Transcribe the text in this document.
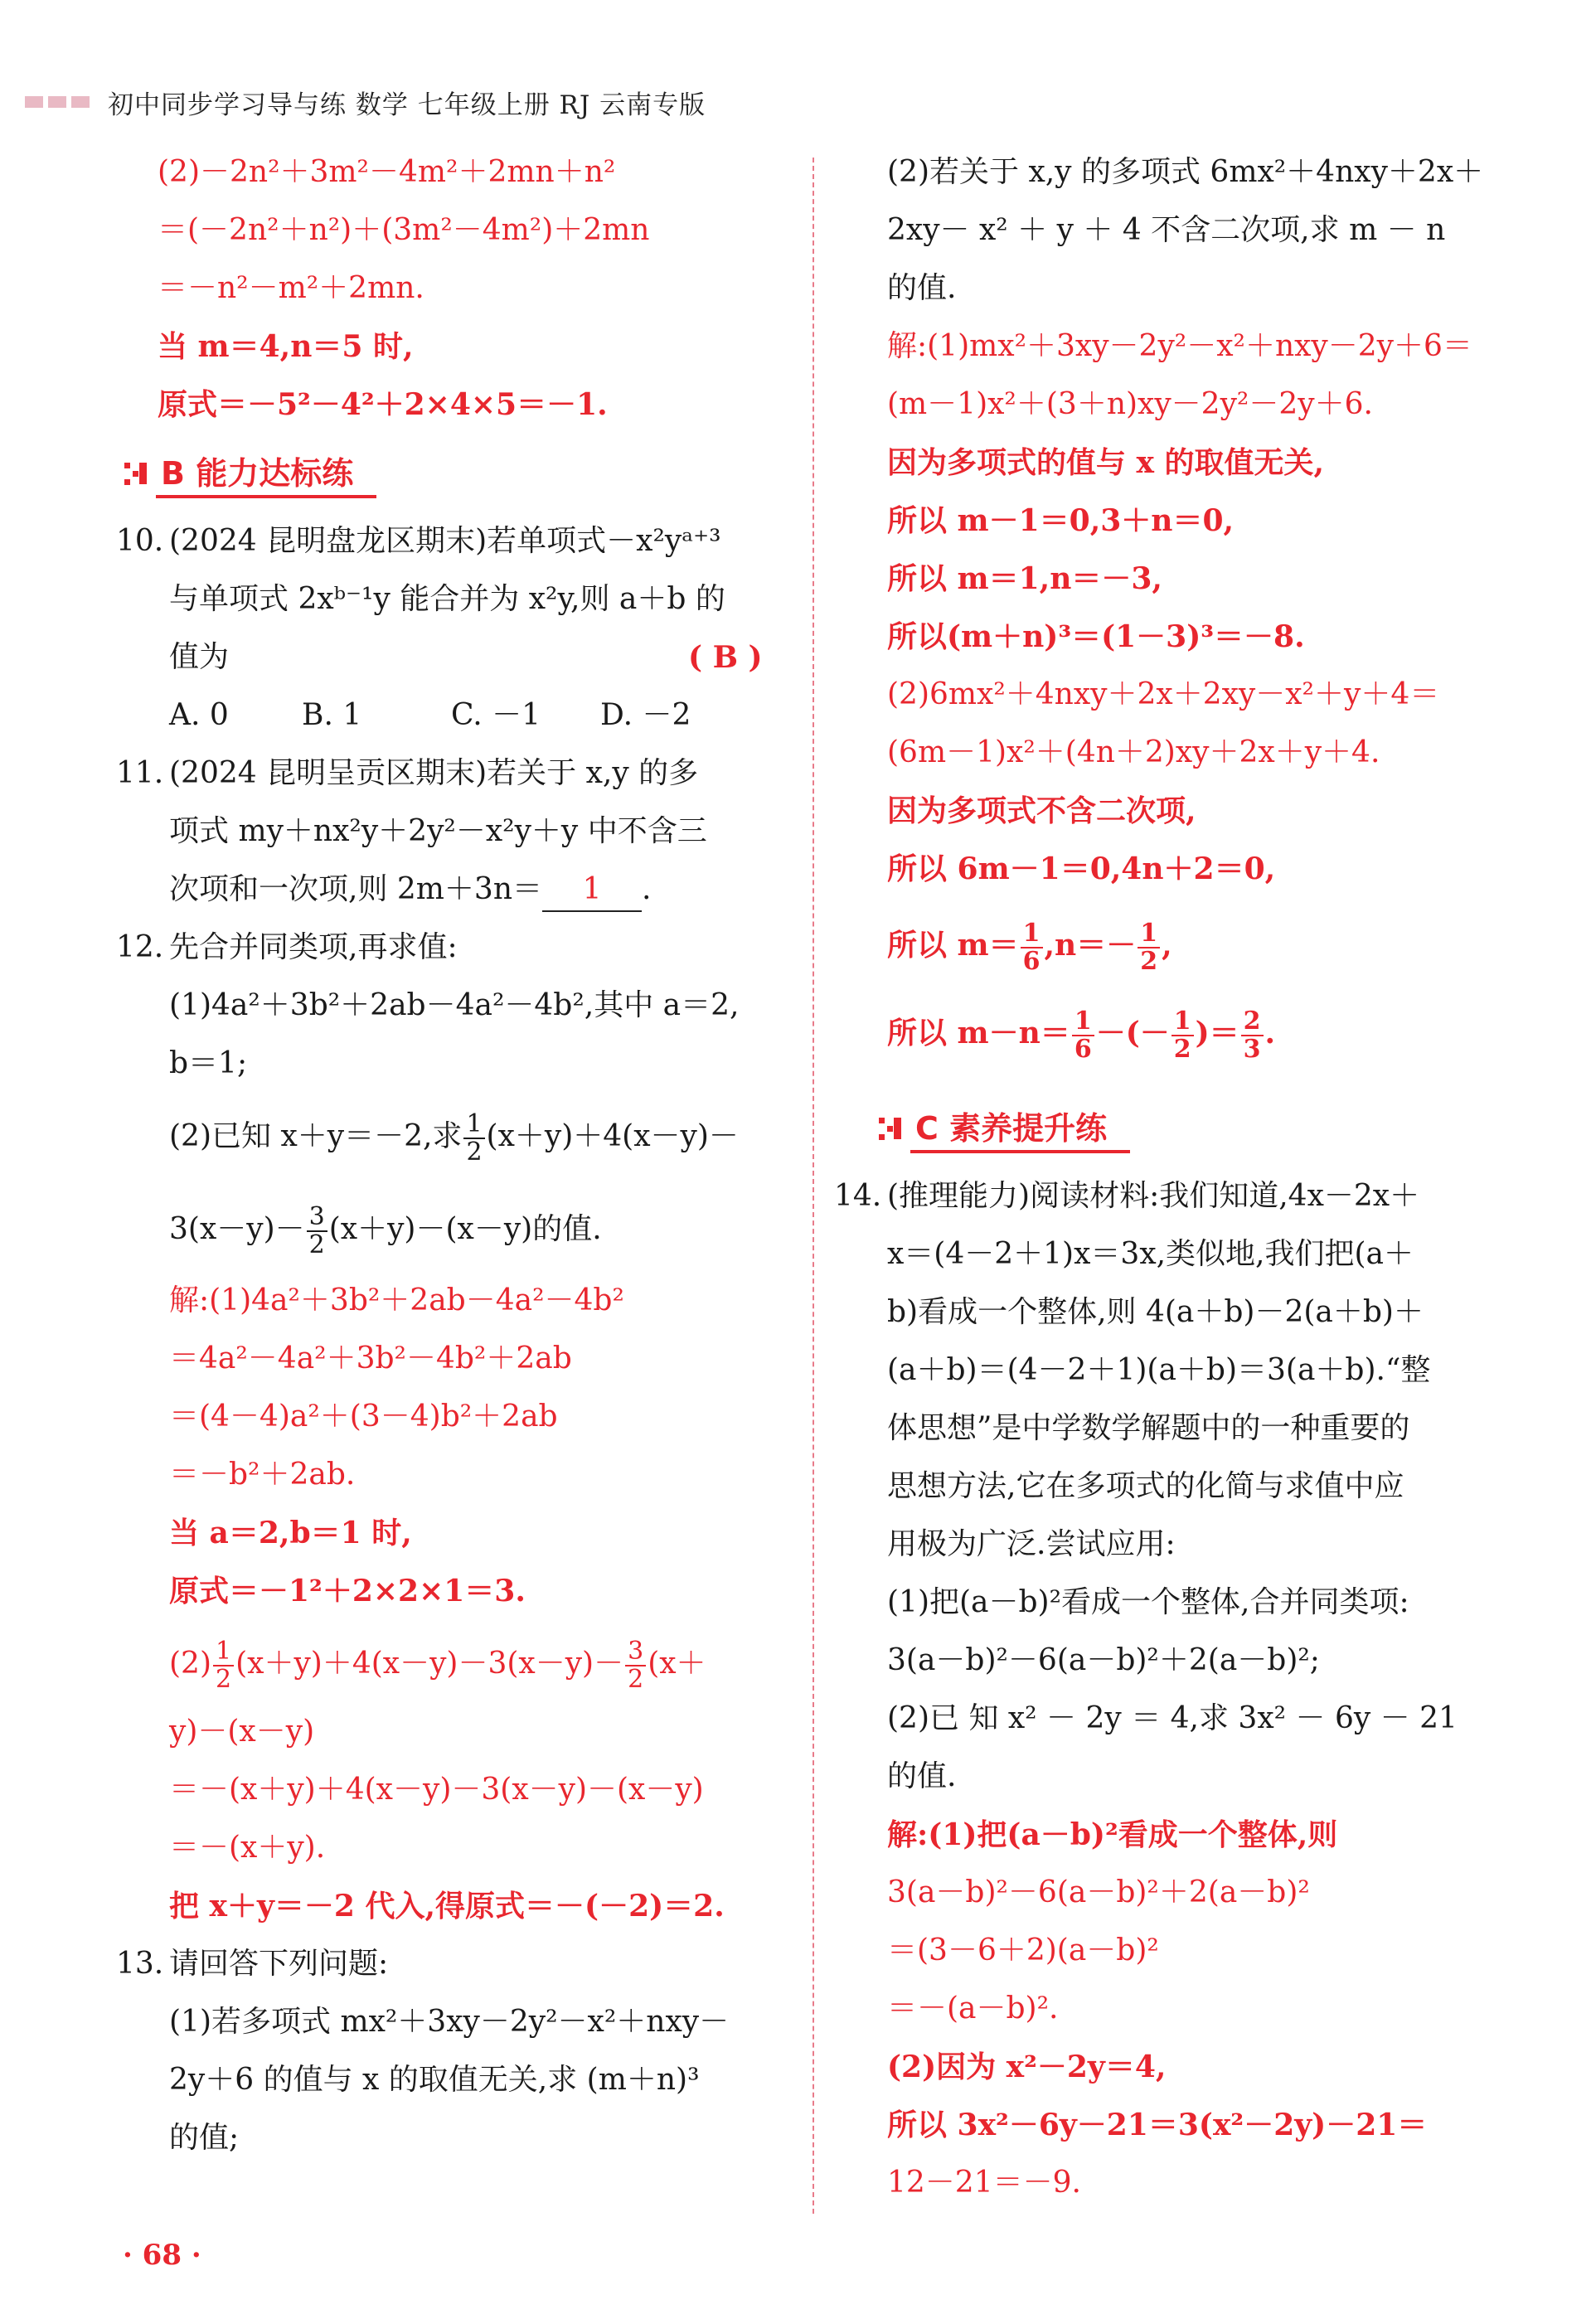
初中同步学习导与练 数学 七年级上册 RJ 云南专版
(2)－2n²＋3m²－4m²＋2mn＋n²
＝(－2n²＋n²)＋(3m²－4m²)＋2mn
＝－n²－m²＋2mn.
当 m＝4,n＝5 时,
原式＝－5²－4²＋2×4×5＝－1.
B 能力达标练
10. (2024 昆明盘龙区期末)若单项式－x²yᵃ⁺³
与单项式 2xᵇ⁻¹y 能合并为 x²y,则 a＋b 的
值为	( B )
A. 0 B. 1	C. －1 D. －2
11. (2024 昆明呈贡区期末)若关于 x,y 的多
项式 my＋nx²y＋2y²－x²y＋y 中不含三
次项和一次项,则 2m＋3n＝ 1 .
12. 先合并同类项,再求值:
(1)4a²＋3b²＋2ab－4a²－4b²,其中 a＝2,
b＝1;
(2)已知 x＋y＝－2,求 $\frac{1}{2} (x+y)+4(x-y)-$
$3(x-y)- \frac{3}{2} (x+y)-(x-y)$的值.
解:(1)4a²＋3b²＋2ab－4a²－4b²
＝4a²－4a²＋3b²－4b²＋2ab
＝(4－4)a²＋(3－4)b²＋2ab
＝－b²＋2ab.
当 a＝2,b＝1 时,
原式＝－1²＋2×2×1＝3.
$(2) \frac{1}{2} (x+y)+4(x-y)-3(x-y)- \frac{3}{2} (x+$
y)－(x－y)
＝－(x＋y)＋4(x－y)－3(x－y)－(x－y)
＝－(x＋y).
把 x＋y＝－2 代入,得原式＝－(－2)＝2.
13. 请回答下列问题:
(1)若多项式 mx²＋3xy－2y²－x²＋nxy－
2y＋6 的值与 x 的取值无关,求 (m＋n)³
的值;
(2)若关于 x,y 的多项式 6mx²＋4nxy＋2x＋
2xy－ x² ＋ y ＋ 4 不含二次项,求 m － n
的值.
解:(1)mx²＋3xy－2y²－x²＋nxy－2y＋6＝
(m－1)x²＋(3＋n)xy－2y²－2y＋6.
因为多项式的值与 x 的取值无关,
所以 m－1＝0,3＋n＝0,
所以 m＝1,n＝－3,
所以(m＋n)³＝(1－3)³＝－8.
(2)6mx²＋4nxy＋2x＋2xy－x²＋y＋4＝
(6m－1)x²＋(4n＋2)xy＋2x＋y＋4.
因为多项式不含二次项,
所以 6m－1＝0,4n＋2＝0,
所以 $m= \frac{1}{6} ,n=- \frac{1}{2}$ ,
所以 $m-n= \frac{1}{6}$ －(－ $\frac{1}{2}$ )＝ $\frac{2}{3}$ .
C 素养提升练
14. (推理能力)阅读材料:我们知道,4x－2x＋
x＝(4－2＋1)x＝3x,类似地,我们把(a＋
b)看成一个整体,则 4(a＋b)－2(a＋b)＋
(a＋b)＝(4－2＋1)(a＋b)＝3(a＋b).“整
体思想”是中学数学解题中的一种重要的
思想方法,它在多项式的化简与求值中应
用极为广泛.尝试应用:
(1)把(a－b)²看成一个整体,合并同类项:
3(a－b)²－6(a－b)²＋2(a－b)²;
(2)已 知 x² － 2y ＝ 4,求 3x² － 6y － 21
的值.
解:(1)把(a－b)²看成一个整体,则
3(a－b)²－6(a－b)²＋2(a－b)²
＝(3－6＋2)(a－b)²
＝－(a－b)².
(2)因为 x²－2y＝4,
所以 3x²－6y－21＝3(x²－2y)－21＝
12－21＝－9.
· 68 ·
